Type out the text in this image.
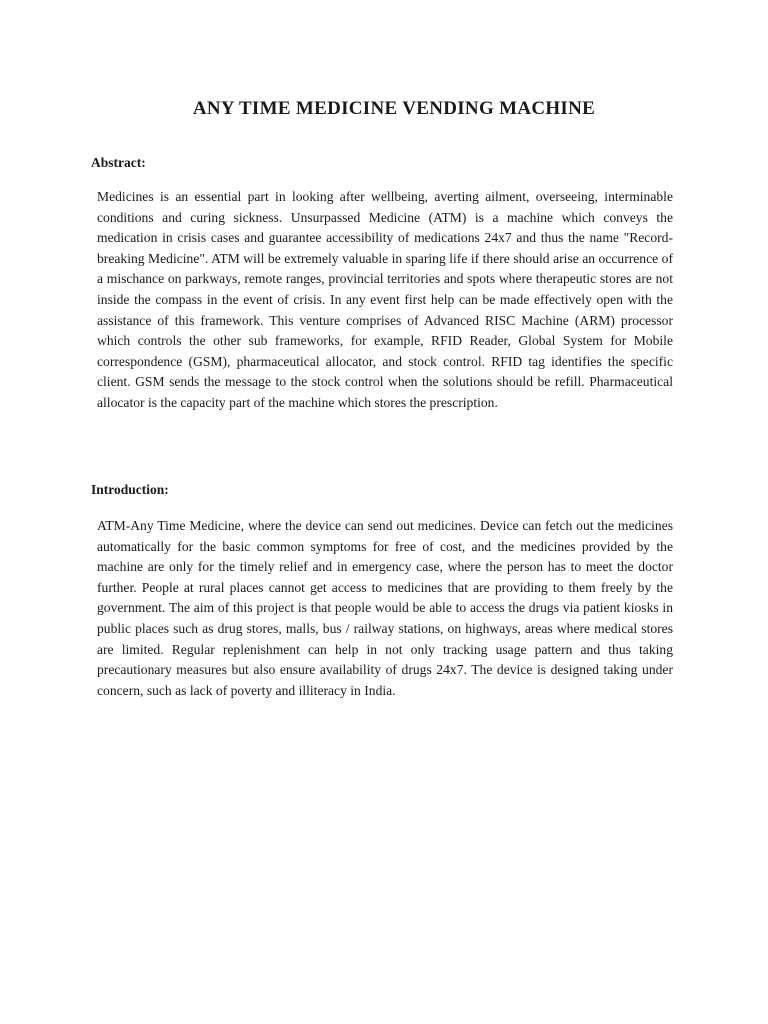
ANY TIME MEDICINE VENDING MACHINE
Abstract:

Medicines is an essential part in looking after wellbeing, averting ailment, overseeing, interminable conditions and curing sickness. Unsurpassed Medicine (ATM) is a machine which conveys the medication in crisis cases and guarantee accessibility of medications 24x7 and thus the name "Record-breaking Medicine". ATM will be extremely valuable in sparing life if there should arise an occurrence of a mischance on parkways, remote ranges, provincial territories and spots where therapeutic stores are not inside the compass in the event of crisis. In any event first help can be made effectively open with the assistance of this framework. This venture comprises of Advanced RISC Machine (ARM) processor which controls the other sub frameworks, for example, RFID Reader, Global System for Mobile correspondence (GSM), pharmaceutical allocator, and stock control. RFID tag identifies the specific client. GSM sends the message to the stock control when the solutions should be refill. Pharmaceutical allocator is the capacity part of the machine which stores the prescription.

Introduction:

ATM-Any Time Medicine, where the device can send out medicines. Device can fetch out the medicines automatically for the basic common symptoms for free of cost, and the medicines provided by the machine are only for the timely relief and in emergency case, where the person has to meet the doctor further. People at rural places cannot get access to medicines that are providing to them freely by the government. The aim of this project is that people would be able to access the drugs via patient kiosks in public places such as drug stores, malls, bus / railway stations, on highways, areas where medical stores are limited. Regular replenishment can help in not only tracking usage pattern and thus taking precautionary measures but also ensure availability of drugs 24x7. The device is designed taking under concern, such as lack of poverty and illiteracy in India.
